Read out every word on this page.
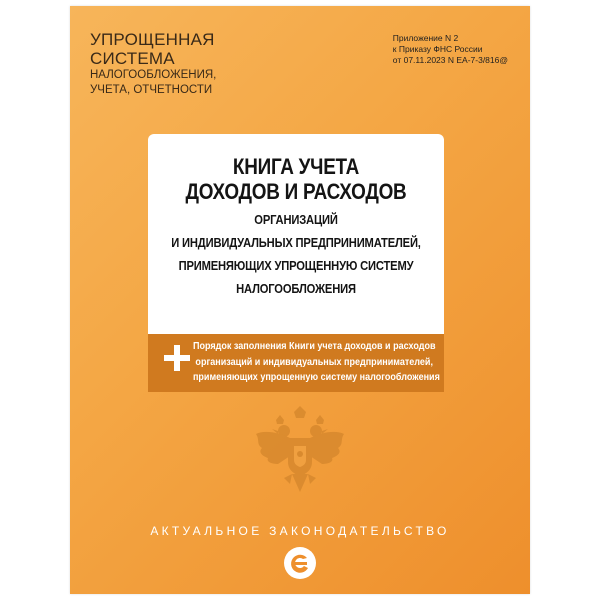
УПРОЩЕННАЯ
СИСТЕМА
НАЛОГООБЛОЖЕНИЯ,
УЧЕТА, ОТЧЕТНОСТИ
Приложение N 2
к Приказу ФНС России
от 07.11.2023 N ЕА-7-3/816@
КНИГА УЧЕТА
ДОХОДОВ И РАСХОДОВ
ОРГАНИЗАЦИЙ
И ИНДИВИДУАЛЬНЫХ ПРЕДПРИНИМАТЕЛЕЙ,
ПРИМЕНЯЮЩИХ УПРОЩЕННУЮ СИСТЕМУ
НАЛОГООБЛОЖЕНИЯ
Порядок заполнения Книги учета доходов и расходов
организаций и индивидуальных предпринимателей,
применяющих упрощенную систему налогообложения
АКТУАЛЬНОЕ ЗАКОНОДАТЕЛЬСТВО
